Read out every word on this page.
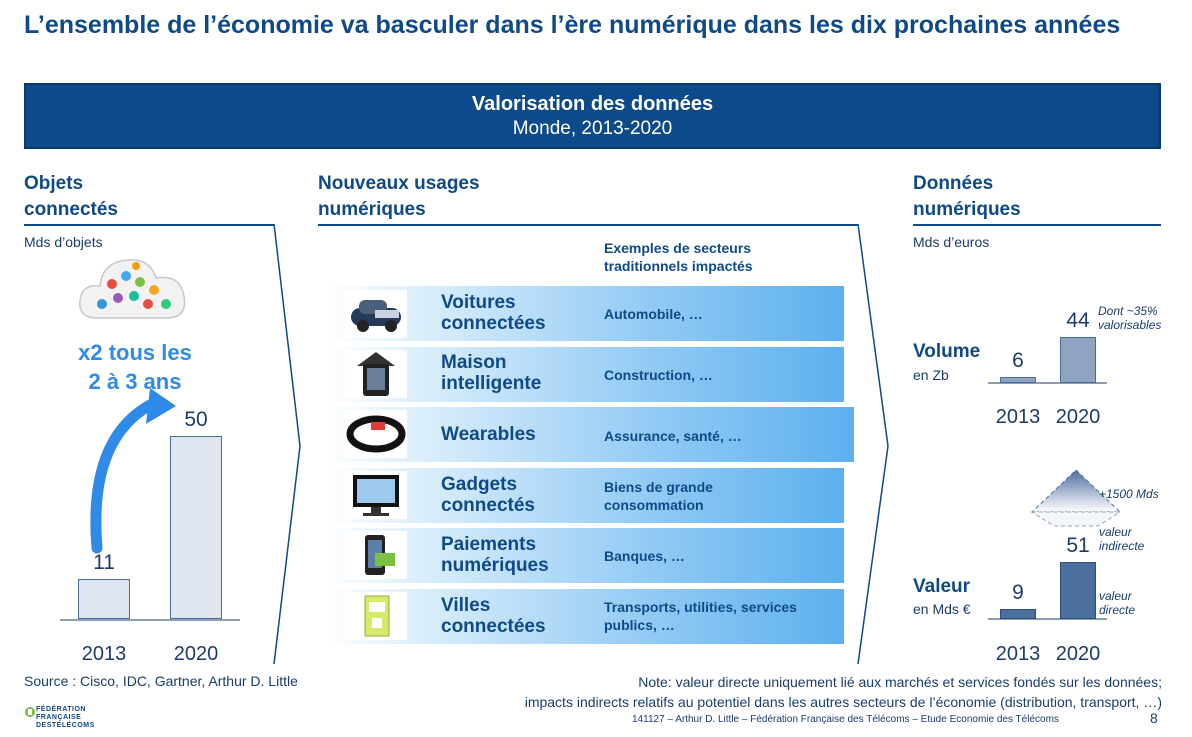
L’ensemble de l’économie va basculer dans l’ère numérique dans les dix prochaines années
Valorisation des données
Monde, 2013-2020
Objets
connectés
Mds d’objets
x2 tous les
2 à 3 ans
11
2013
50
2020
Nouveaux usages
numériques
Exemples de secteurs
traditionnels impactés
Voitures
connectées
Maison
intelligente
Wearables
Gadgets
connectés
Paiements
numériques
Villes
connectées
Automobile, …
Construction, …
Assurance, santé, …
Biens de grande
consommation
Banques, …
Transports, utilities, services
publics, …
Données
numériques
Mds d’euros
Volume
en Zb
Dont ~35%
valorisables
Valeur
en Mds €
+1500 Mds
valeur
indirecte
valeur
directe
6
2013
44
2020
9
2013
51
2020
Source : Cisco, IDC, Gartner, Arthur D. Little	Note: valeur directe uniquement lié aux marchés et services fondés sur les données;
impacts indirects relatifs au potentiel dans les autres secteurs de l’économie (distribution, transport, …)
FÉDÉRATION
FRANÇAISE
DESTÉLÉCOMS
141127 – Arthur D. Little – Fédération Française des Télécoms – Etude Economie des Télécoms	8
